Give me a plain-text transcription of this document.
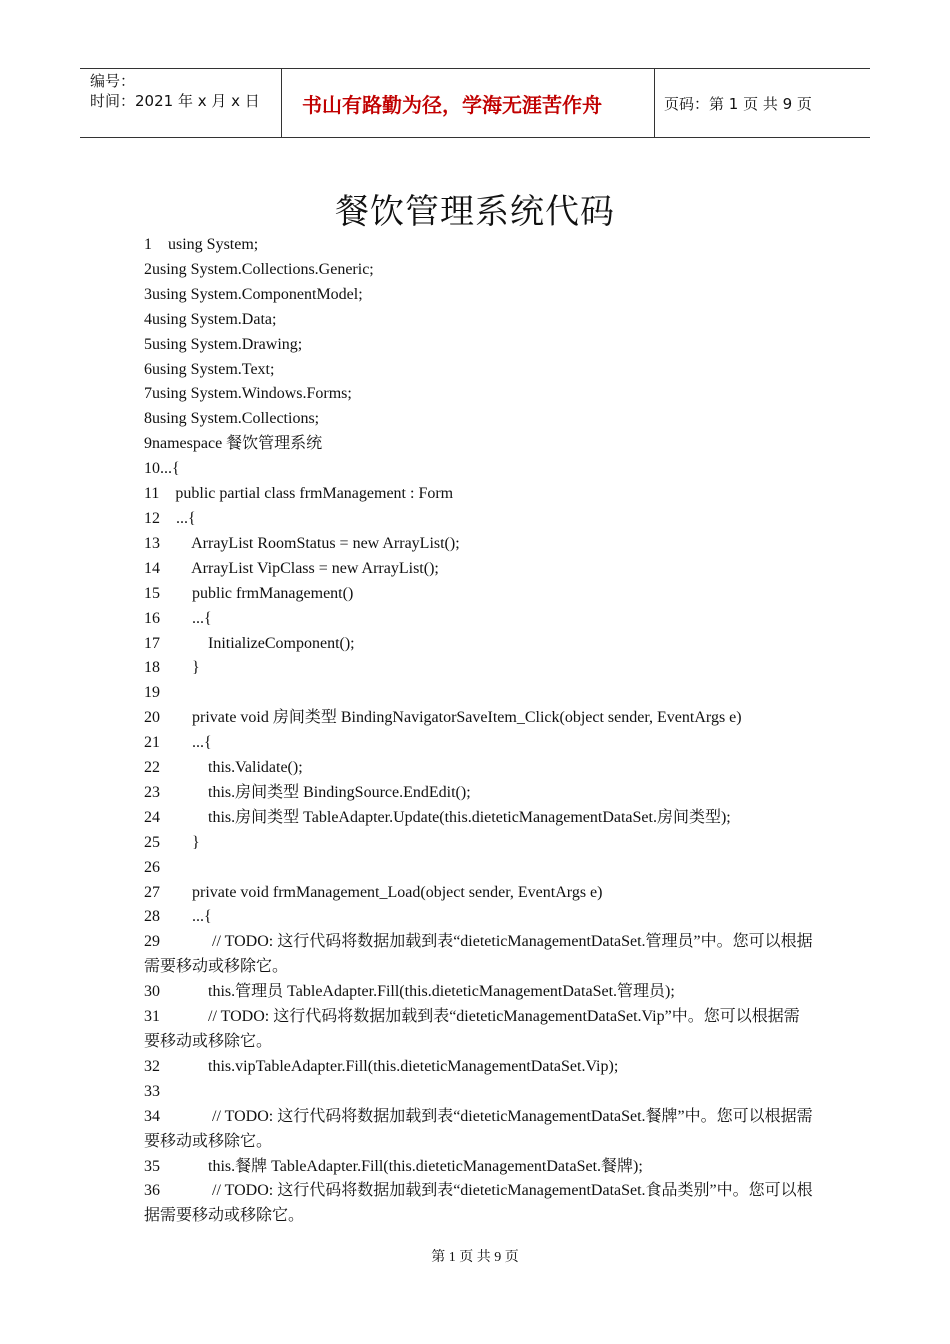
编号：
时间：2021 年 x 月 x 日	书山有路勤为径，学海无涯苦作舟	页码：第 1 页 共 9 页
餐饮管理系统代码
1    using System;
2using System.Collections.Generic;
3using System.ComponentModel;
4using System.Data;
5using System.Drawing;
6using System.Text;
7using System.Windows.Forms;
8using System.Collections;
9namespace 餐饮管理系统
10...{
11    public partial class frmManagement : Form
12    ...{
13        ArrayList RoomStatus = new ArrayList();
14        ArrayList VipClass = new ArrayList();
15        public frmManagement()
16        ...{
17            InitializeComponent();
18        }
19
20        private void 房间类型 BindingNavigatorSaveItem_Click(object sender, EventArgs e)
21        ...{
22            this.Validate();
23            this.房间类型 BindingSource.EndEdit();
24            this.房间类型 TableAdapter.Update(this.dieteticManagementDataSet.房间类型);
25        }
26
27        private void frmManagement_Load(object sender, EventArgs e)
28        ...{
29             // TODO: 这行代码将数据加载到表“dieteticManagementDataSet.管理员”中。您可以根据需要移动或移除它。
30            this.管理员 TableAdapter.Fill(this.dieteticManagementDataSet.管理员);
31            // TODO: 这行代码将数据加载到表“dieteticManagementDataSet.Vip”中。您可以根据需要移动或移除它。
32            this.vipTableAdapter.Fill(this.dieteticManagementDataSet.Vip);
33
34             // TODO: 这行代码将数据加载到表“dieteticManagementDataSet.餐牌”中。您可以根据需要移动或移除它。
35            this.餐牌 TableAdapter.Fill(this.dieteticManagementDataSet.餐牌);
36             // TODO: 这行代码将数据加载到表“dieteticManagementDataSet.食品类别”中。您可以根据需要移动或移除它。
第 1 页 共 9 页
